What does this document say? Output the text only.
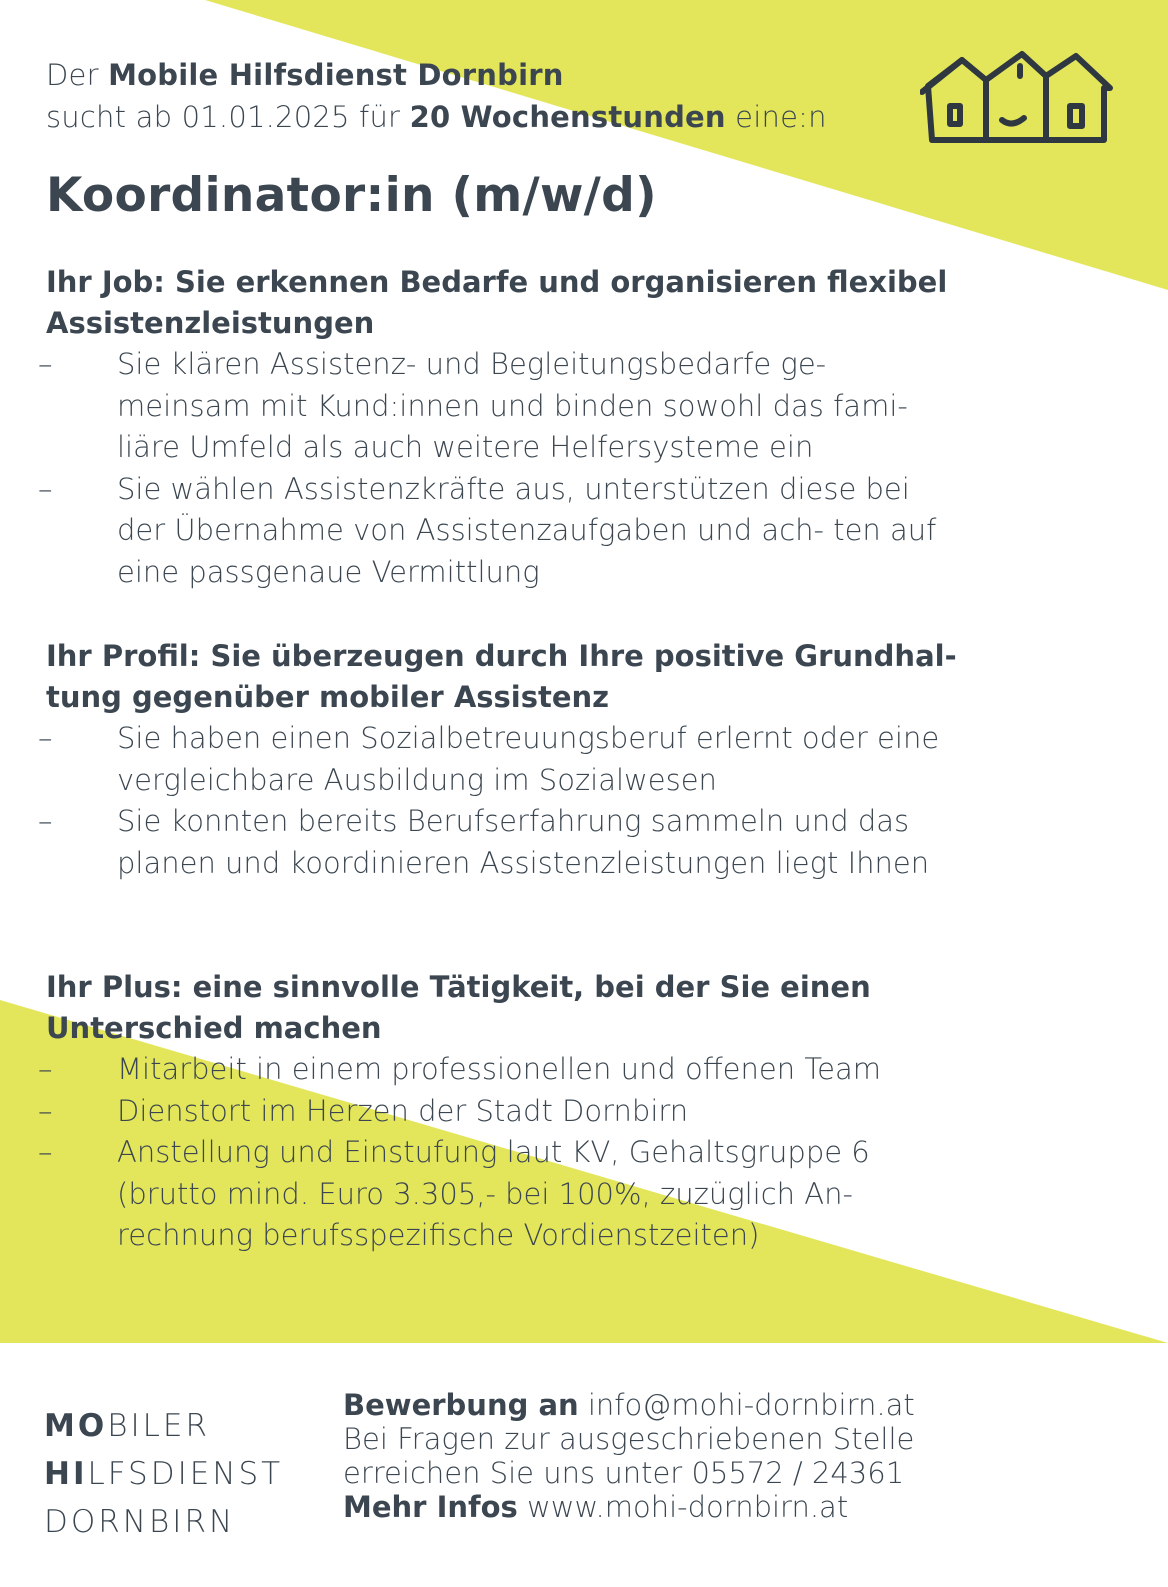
Der Mobile Hilfsdienst Dornbirn
sucht ab 01.01.2025 für 20 Wochenstunden eine:n
Koordinator:in (m/w/d)
Ihr Job: Sie erkennen Bedarfe und organisieren flexibel Assistenzleistungen
– Sie klären Assistenz- und Begleitungsbedarfe ge- meinsam mit Kund:innen und binden sowohl das fami- liäre Umfeld als auch weitere Helfersysteme ein
– Sie wählen Assistenzkräfte aus, unterstützen diese bei der Übernahme von Assistenzaufgaben und ach- ten auf eine passgenaue Vermittlung
Ihr Profil: Sie überzeugen durch Ihre positive Grundhal- tung gegenüber mobiler Assistenz
– Sie haben einen Sozialbetreuungsberuf erlernt oder eine vergleichbare Ausbildung im Sozialwesen
– Sie konnten bereits Berufserfahrung sammeln und das planen und koordinieren Assistenzleistungen liegt Ihnen
Ihr Plus: eine sinnvolle Tätigkeit, bei der Sie einen Unterschied machen
– Mitarbeit in einem professionellen und offenen Team
– Dienstort im Herzen der Stadt Dornbirn
– Anstellung und Einstufung laut KV, Gehaltsgruppe 6 (brutto mind. Euro 3.305,- bei 100%, zuzüglich An- rechnung berufsspezifische Vordienstzeiten)
MOBILER
HILFSDIENST
DORNBIRN
Bewerbung an info@mohi-dornbirn.at
Bei Fragen zur ausgeschriebenen Stelle
erreichen Sie uns unter 05572 / 24361
Mehr Infos www.mohi-dornbirn.at
